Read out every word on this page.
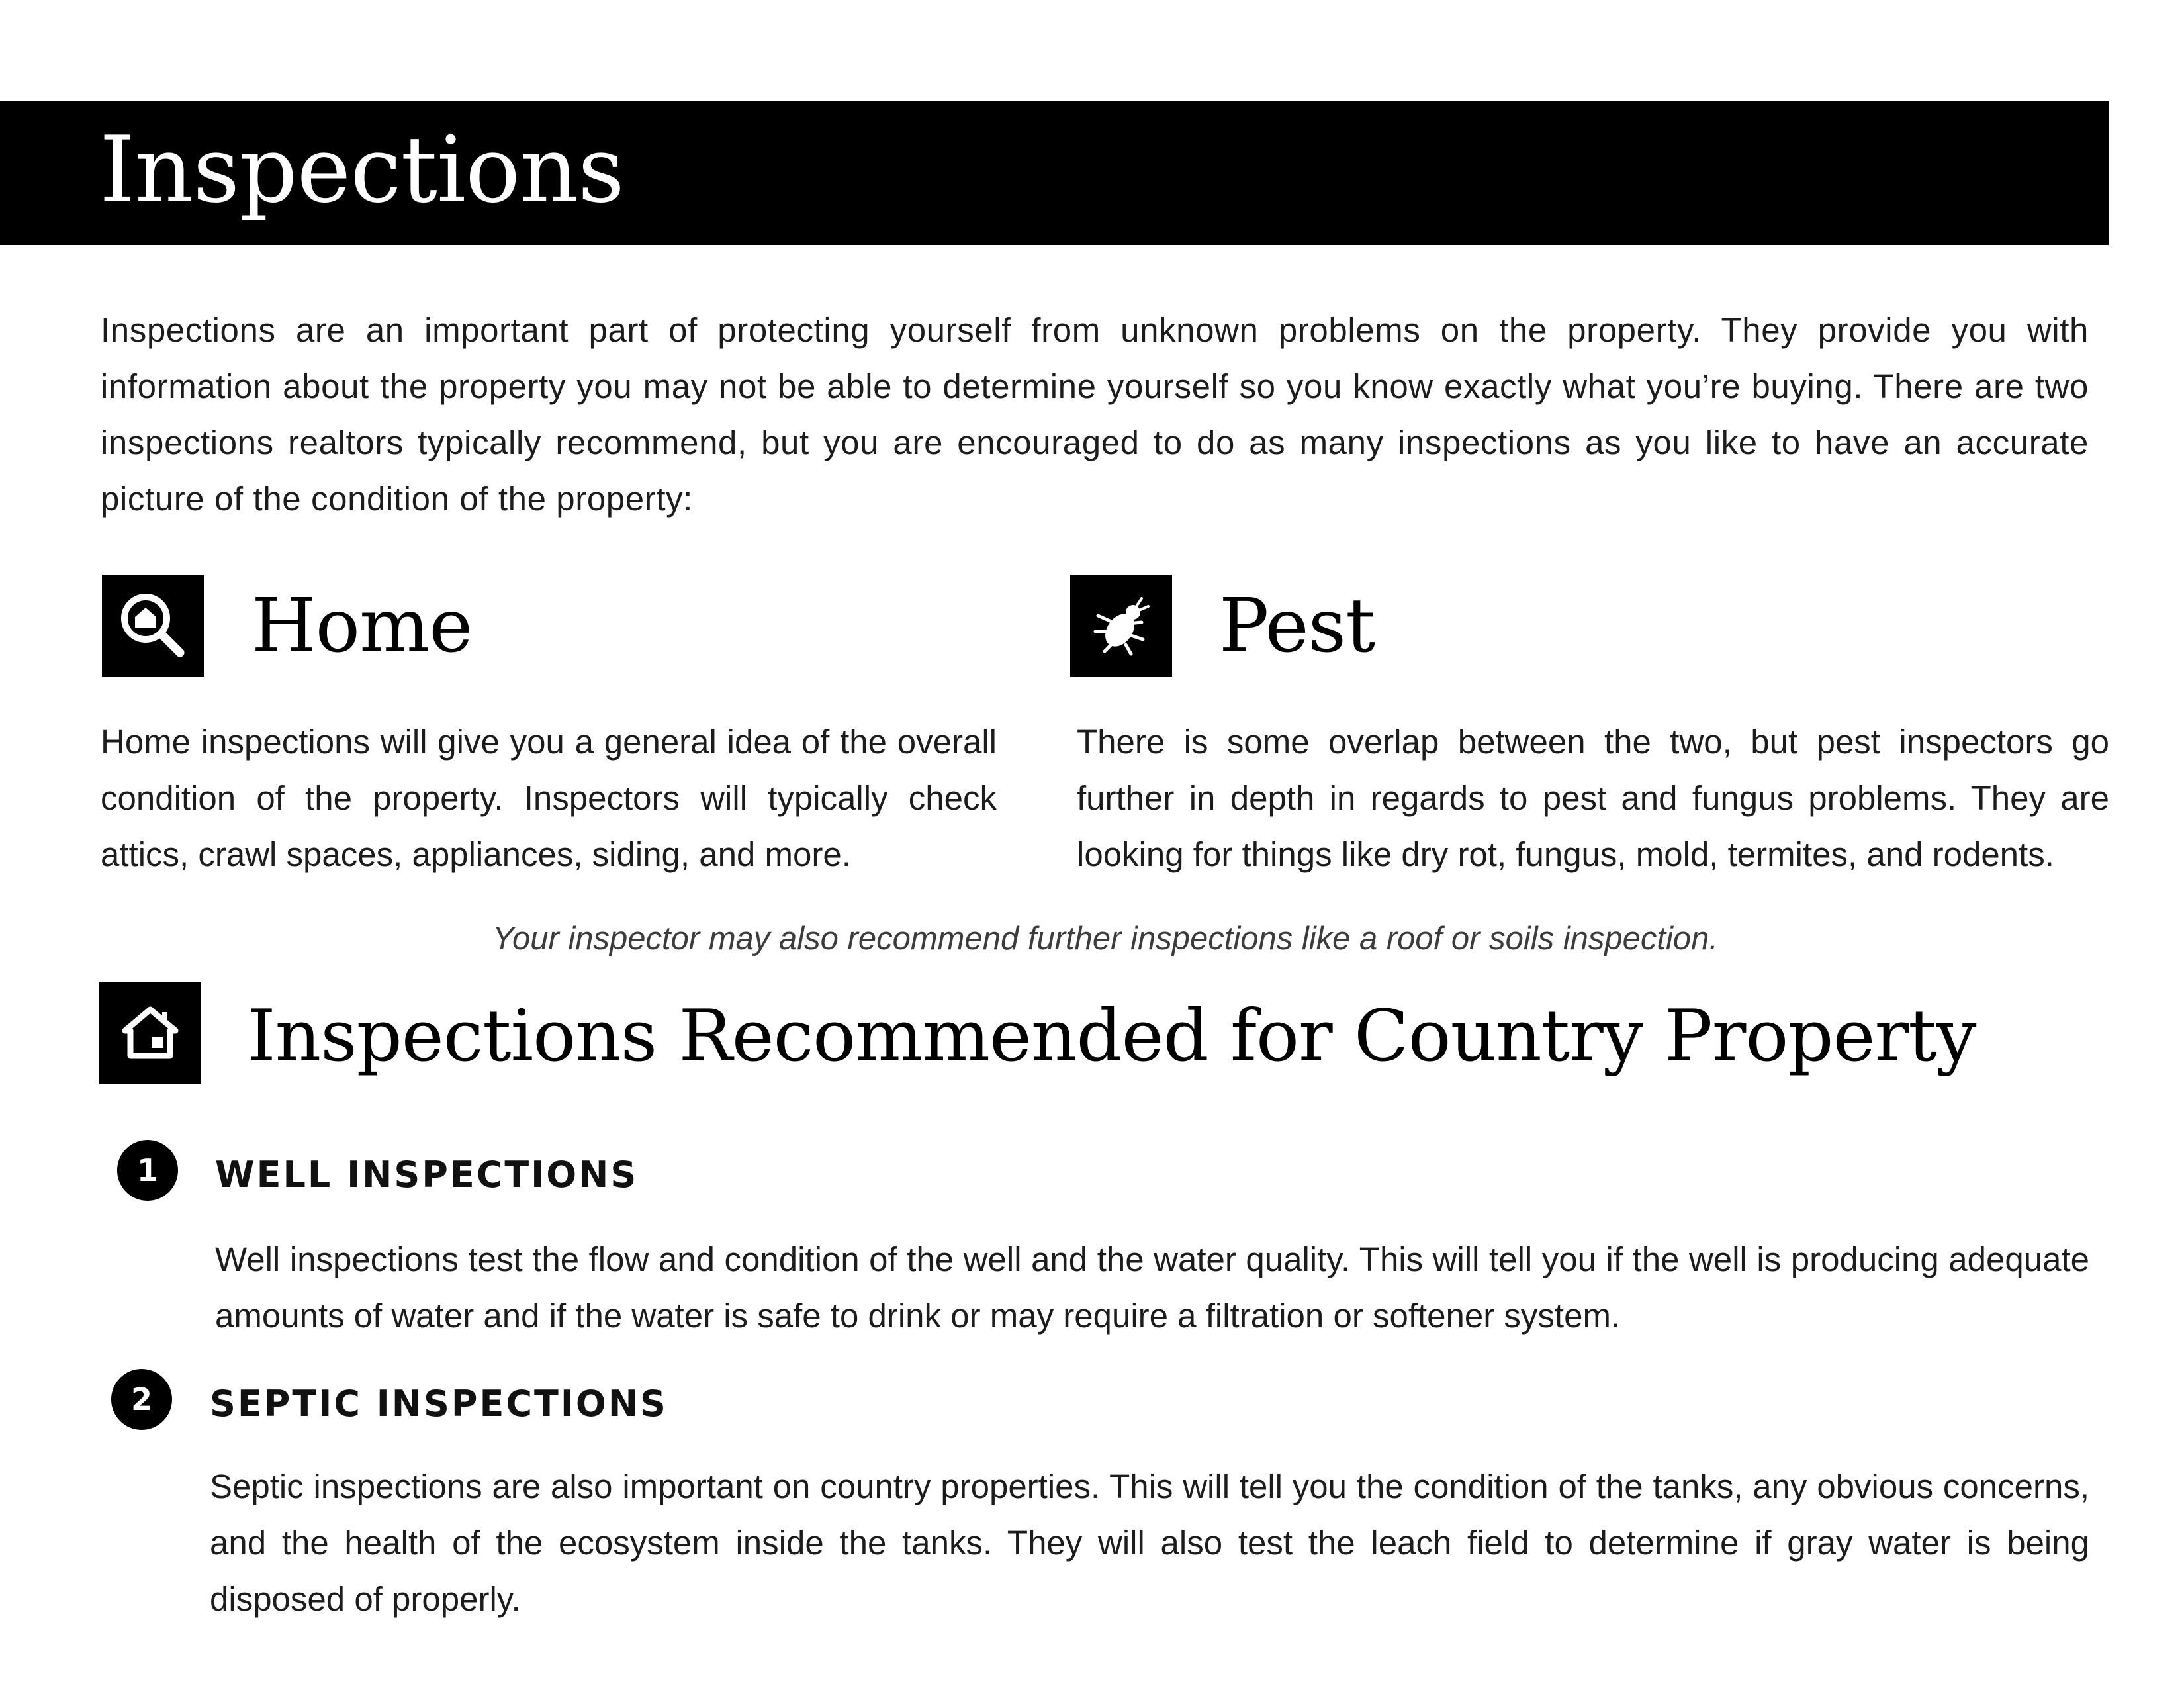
Inspections

Inspections are an important part of protecting yourself from unknown problems on the property. They provide you with information about the property you may not be able to determine yourself so you know exactly what you’re buying. There are two inspections realtors typically recommend, but you are encouraged to do as many inspections as you like to have an accurate picture of the condition of the property:

Home

Home inspections will give you a general idea of the overall condition of the property. Inspectors will typically check attics, crawl spaces, appliances, siding, and more.

Pest

There is some overlap between the two, but pest inspectors go further in depth in regards to pest and fungus problems. They are looking for things like dry rot, fungus, mold, termites, and rodents.

Your inspector may also recommend further inspections like a roof or soils inspection.

Inspections Recommended for Country Property
1	WELL INSPECTIONS

Well inspections test the flow and condition of the well and the water quality. This will tell you if the well is producing adequate amounts of water and if the water is safe to drink or may require a filtration or softener system.

2	SEPTIC INSPECTIONS

Septic inspections are also important on country properties. This will tell you the condition of the tanks, any obvious concerns, and the health of the ecosystem inside the tanks. They will also test the leach field to determine if gray water is being disposed of properly.
